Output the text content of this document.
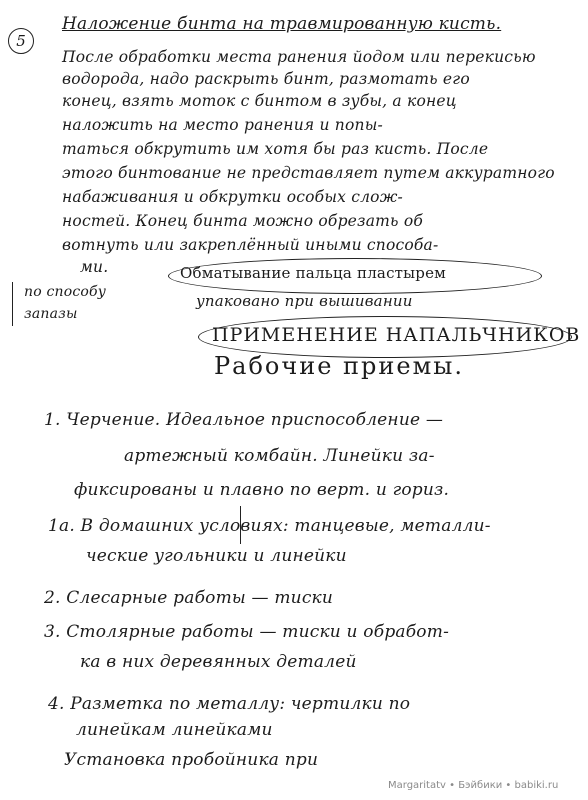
5
Наложение бинта на травмированную кисть.
После обработки места ранения йодом или перекисью
водорода, надо раскрыть бинт, размотать его
конец, взять моток с бинтом в зубы, а конец
наложить на место ранения и попы-
таться обкрутить им хотя бы раз кисть. После
этого бинтование не представляет путем аккуратного
набаживания и обкрутки особых слож-
ностей. Конец бинта можно обрезать об
вотнуть или закреплённый иными способа-
ми.	Обматывание пальца пластырем
по способу
запазы
упаковано при вышивании
ПРИМЕНЕНИЕ НАПАЛЬЧНИКОВ
Рабочие приемы.
1. Черчение. Идеальное приспособление —
артежный комбайн. Линейки за-
фиксированы и плавно по верт. и гориз.
1а. В домашних условиях: танцевые, металли-
ческие угольники и линейки
2. Слесарные работы — тиски
3. Столярные работы — тиски и обработ-
ка в них деревянных деталей
4. Разметка по металлу: чертилки по
линейкам линейками
Установка пробойника при
Margaritatv • Бэйбики • babiki.ru
